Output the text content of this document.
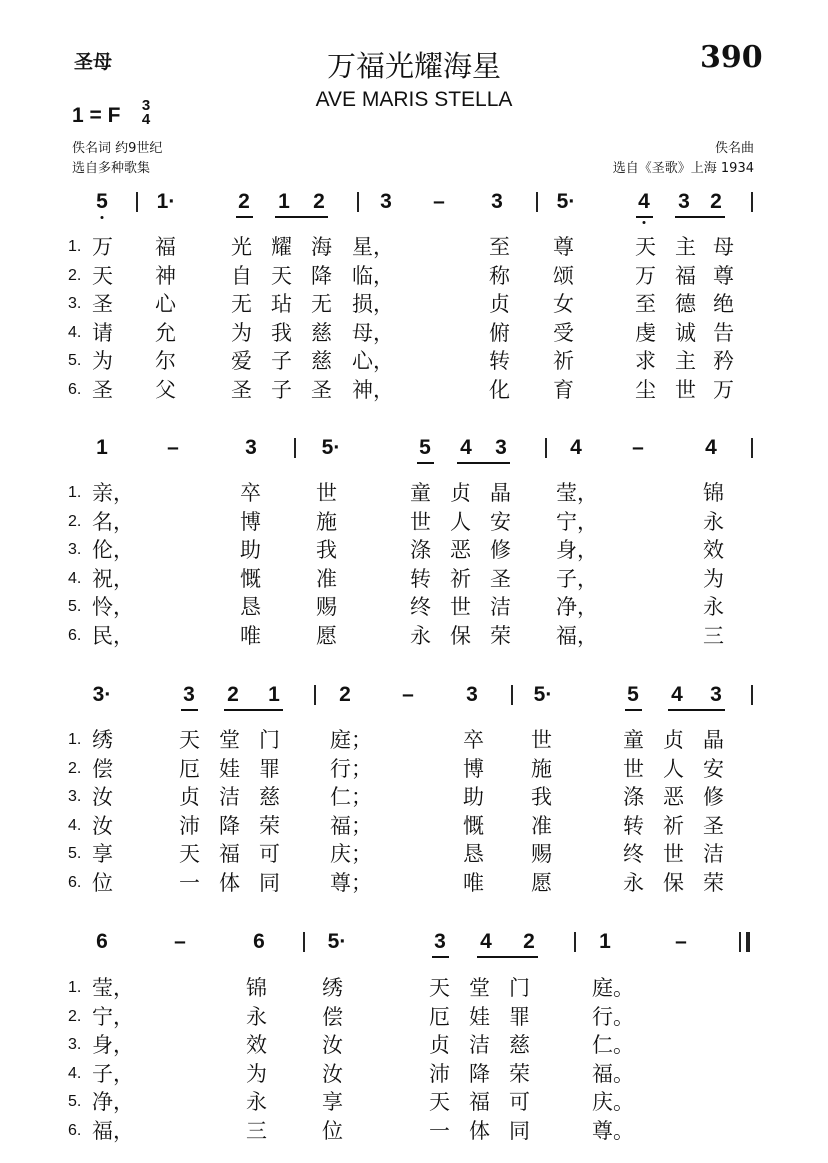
圣母	万福光耀海星
AVE MARIS STELLA
390
1 = F	3
4
佚名词 约9世纪
选自多种歌集
佚名曲
选自《圣歌》上海 1934
5 1·	2 1 2	3 – 3	5·	4 3 2
1. 万 福	光 耀 海 星，	至 尊	天 主 母
2. 天 神	自 天 降 临，	称 颂	万 福 尊
3. 圣 心	无 玷 无 损，	贞 女	至 德 绝
4. 请 允	为 我 慈 母，	俯 受	虔 诚 告
5. 为 尔	爱 子 慈 心，	转 祈	求 主 矜
6. 圣 父	圣 子 圣 神，	化 育	尘 世 万
1	–	3	5·	5 4 3	4 –	4
1. 亲，	卒	世	童 贞 晶 莹，	锦
2. 名，	博	施	世 人 安 宁，	永
3. 伦，	助	我	涤 恶 修 身，	效
4. 祝，	慨	准	转 祈 圣 子，	为
5. 怜，	恳	赐	终 世 洁 净，	永
6. 民，	唯	愿	永 保 荣 福，	三
3·	3 2 1	2 – 3	5·	5 4 3
1. 绣	天 堂 门 庭；	卒 世	童 贞 晶
2. 偿	厄 娃 罪 行；	博 施	世 人 安
3. 汝	贞 洁 慈 仁；	助 我	涤 恶 修
4. 汝	沛 降 荣 福；	慨 准	转 祈 圣
5. 享	天 福 可 庆；	恳 赐	终 世 洁
6. 位	一 体 同 尊；	唯 愿	永 保 荣
6	–	6	5·	3 4 2	1	–
1. 莹，	锦	绣	天 堂 门	庭。
2. 宁，	永	偿	厄 娃 罪	行。
3. 身，	效	汝	贞 洁 慈	仁。
4. 子，	为	汝	沛 降 荣	福。
5. 净，	永	享	天 福 可	庆。
6. 福，	三	位	一 体 同	尊。
